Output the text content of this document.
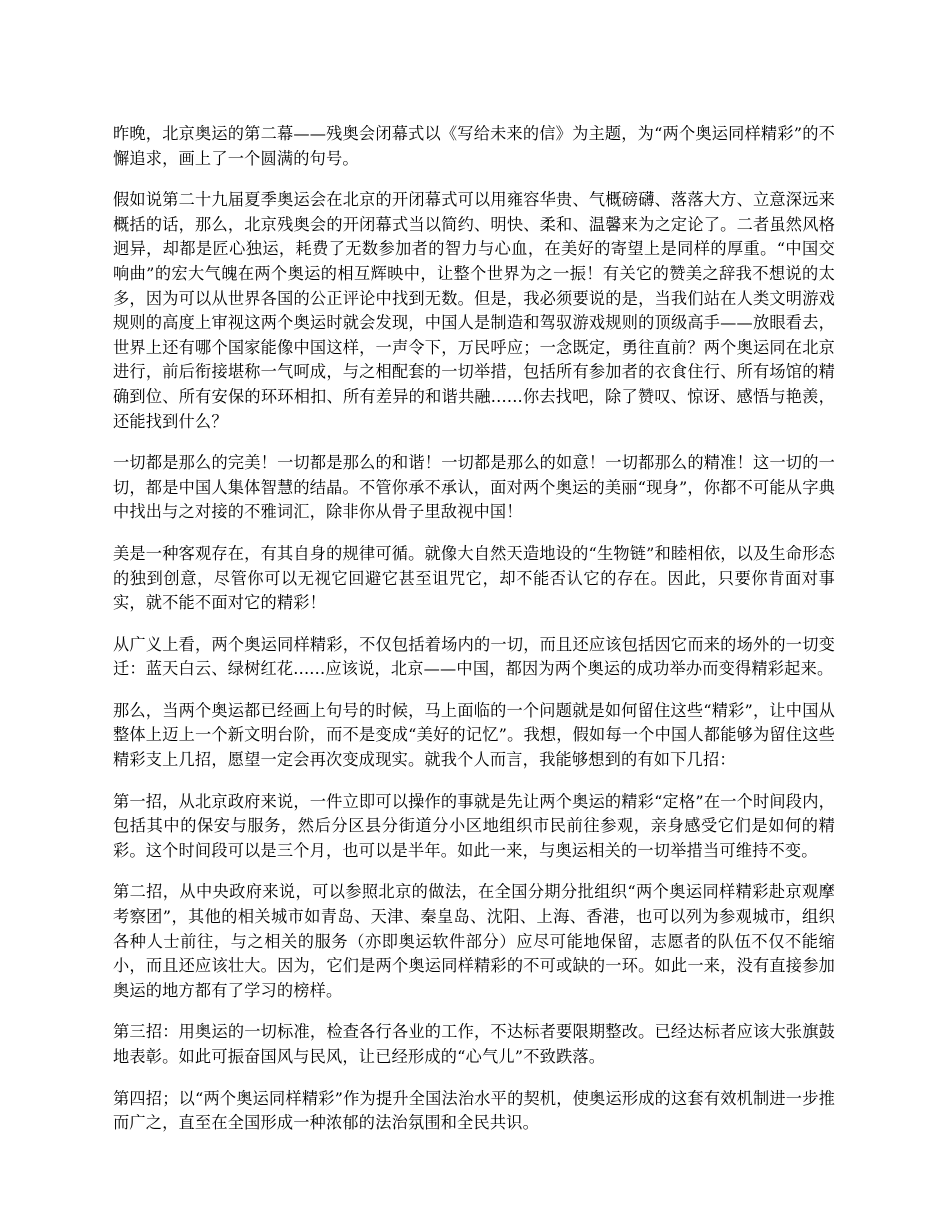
昨晚，北京奥运的第二幕——残奥会闭幕式以《写给未来的信》为主题，为“两个奥运同样精彩”的不懈追求，画上了一个圆满的句号。

假如说第二十九届夏季奥运会在北京的开闭幕式可以用雍容华贵、气概磅礴、落落大方、立意深远来概括的话，那么，北京残奥会的开闭幕式当以简约、明快、柔和、温馨来为之定论了。二者虽然风格迥异，却都是匠心独运，耗费了无数参加者的智力与心血，在美好的寄望上是同样的厚重。“中国交响曲”的宏大气魄在两个奥运的相互辉映中，让整个世界为之一振！有关它的赞美之辞我不想说的太多，因为可以从世界各国的公正评论中找到无数。但是，我必须要说的是，当我们站在人类文明游戏规则的高度上审视这两个奥运时就会发现，中国人是制造和驾驭游戏规则的顶级高手——放眼看去，世界上还有哪个国家能像中国这样，一声令下，万民呼应；一念既定，勇往直前？两个奥运同在北京进行，前后衔接堪称一气呵成，与之相配套的一切举措，包括所有参加者的衣食住行、所有场馆的精确到位、所有安保的环环相扣、所有差异的和谐共融......你去找吧，除了赞叹、惊讶、感悟与艳羡，还能找到什么？

一切都是那么的完美！一切都是那么的和谐！一切都是那么的如意！一切都那么的精准！这一切的一切，都是中国人集体智慧的结晶。不管你承不承认，面对两个奥运的美丽“现身”，你都不可能从字典中找出与之对接的不雅词汇，除非你从骨子里敌视中国！

美是一种客观存在，有其自身的规律可循。就像大自然天造地设的“生物链”和睦相依，以及生命形态的独到创意，尽管你可以无视它回避它甚至诅咒它，却不能否认它的存在。因此，只要你肯面对事实，就不能不面对它的精彩！

从广义上看，两个奥运同样精彩，不仅包括着场内的一切，而且还应该包括因它而来的场外的一切变迁：蓝天白云、绿树红花......应该说，北京——中国，都因为两个奥运的成功举办而变得精彩起来。

那么，当两个奥运都已经画上句号的时候，马上面临的一个问题就是如何留住这些“精彩”，让中国从整体上迈上一个新文明台阶，而不是变成“美好的记忆”。我想，假如每一个中国人都能够为留住这些精彩支上几招，愿望一定会再次变成现实。就我个人而言，我能够想到的有如下几招：

第一招，从北京政府来说，一件立即可以操作的事就是先让两个奥运的精彩“定格”在一个时间段内，包括其中的保安与服务，然后分区县分街道分小区地组织市民前往参观，亲身感受它们是如何的精彩。这个时间段可以是三个月，也可以是半年。如此一来，与奥运相关的一切举措当可维持不变。

第二招，从中央政府来说，可以参照北京的做法，在全国分期分批组织“两个奥运同样精彩赴京观摩考察团”，其他的相关城市如青岛、天津、秦皇岛、沈阳、上海、香港，也可以列为参观城市，组织各种人士前往，与之相关的服务（亦即奥运软件部分）应尽可能地保留，志愿者的队伍不仅不能缩小，而且还应该壮大。因为，它们是两个奥运同样精彩的不可或缺的一环。如此一来，没有直接参加奥运的地方都有了学习的榜样。

第三招：用奥运的一切标准，检查各行各业的工作，不达标者要限期整改。已经达标者应该大张旗鼓地表彰。如此可振奋国风与民风，让已经形成的“心气儿”不致跌落。

第四招；以“两个奥运同样精彩”作为提升全国法治水平的契机，使奥运形成的这套有效机制进一步推而广之，直至在全国形成一种浓郁的法治氛围和全民共识。
